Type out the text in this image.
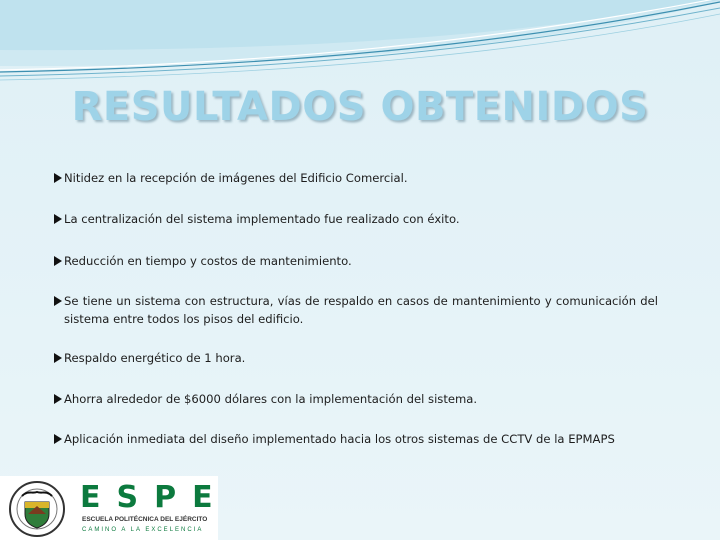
RESULTADOS OBTENIDOS
Nitidez en la recepción de imágenes del Edificio Comercial.
La centralización del sistema implementado fue realizado con éxito.
Reducción en tiempo y costos de mantenimiento.
Se tiene un sistema con estructura, vías de respaldo en casos de mantenimiento y comunicación del sistema entre todos los pisos del edificio.
Respaldo energético de 1 hora.
Ahorra alrededor de $6000 dólares con la implementación del sistema.
Aplicación inmediata del diseño implementado hacia los otros sistemas de CCTV de la EPMAPS
ESPE
ESCUELA POLITÉCNICA DEL EJÉRCITO
CAMINO A LA EXCELENCIA
